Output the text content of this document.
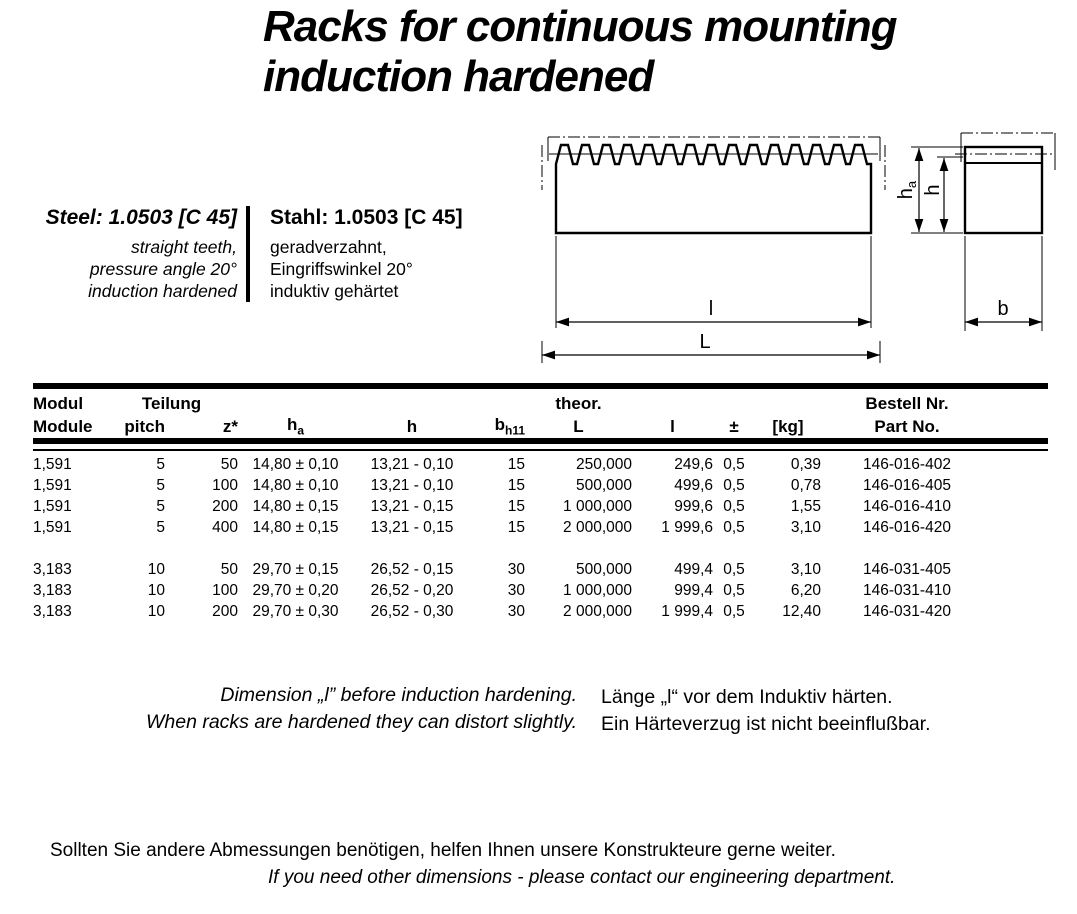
Racks for continuous mounting
induction hardened
Steel: 1.0503 [C 45]
straight teeth,
pressure angle 20°
induction hardened
Stahl: 1.0503 [C 45]
geradverzahnt,
Eingriffswinkel 20°
induktiv gehärtet
l
L
$h_a$ h
b
Modul	Teilung					theor.				Bestell Nr.	
Module	pitch	z*	$h_a$	h	$b_{h11}$	L	l	±	[kg]	Part No.	
1,591	5	50	14,80 ± 0,10	13,21 - 0,10	15	250,000	249,6	0,5	0,39	146-016-402	
1,591	5	100	14,80 ± 0,10	13,21 - 0,10	15	500,000	499,6	0,5	0,78	146-016-405	
1,591	5	200	14,80 ± 0,15	13,21 - 0,15	15	1 000,000	999,6	0,5	1,55	146-016-410	
1,591	5	400	14,80 ± 0,15	13,21 - 0,15	15	2 000,000	1 999,6	0,5	3,10	146-016-420	

3,183	10	50	29,70 ± 0,15	26,52 - 0,15	30	500,000	499,4	0,5	3,10	146-031-405	
3,183	10	100	29,70 ± 0,20	26,52 - 0,20	30	1 000,000	999,4	0,5	6,20	146-031-410	
3,183	10	200	29,70 ± 0,30	26,52 - 0,30	30	2 000,000	1 999,4	0,5	12,40	146-031-420	
Dimension „l” before induction hardening.
When racks are hardened they can distort slightly.
Länge „l“ vor dem Induktiv härten.
Ein Härteverzug ist nicht beeinflußbar.
Sollten Sie andere Abmessungen benötigen, helfen Ihnen unsere Konstrukteure gerne weiter.
If you need other dimensions - please contact our engineering department.
